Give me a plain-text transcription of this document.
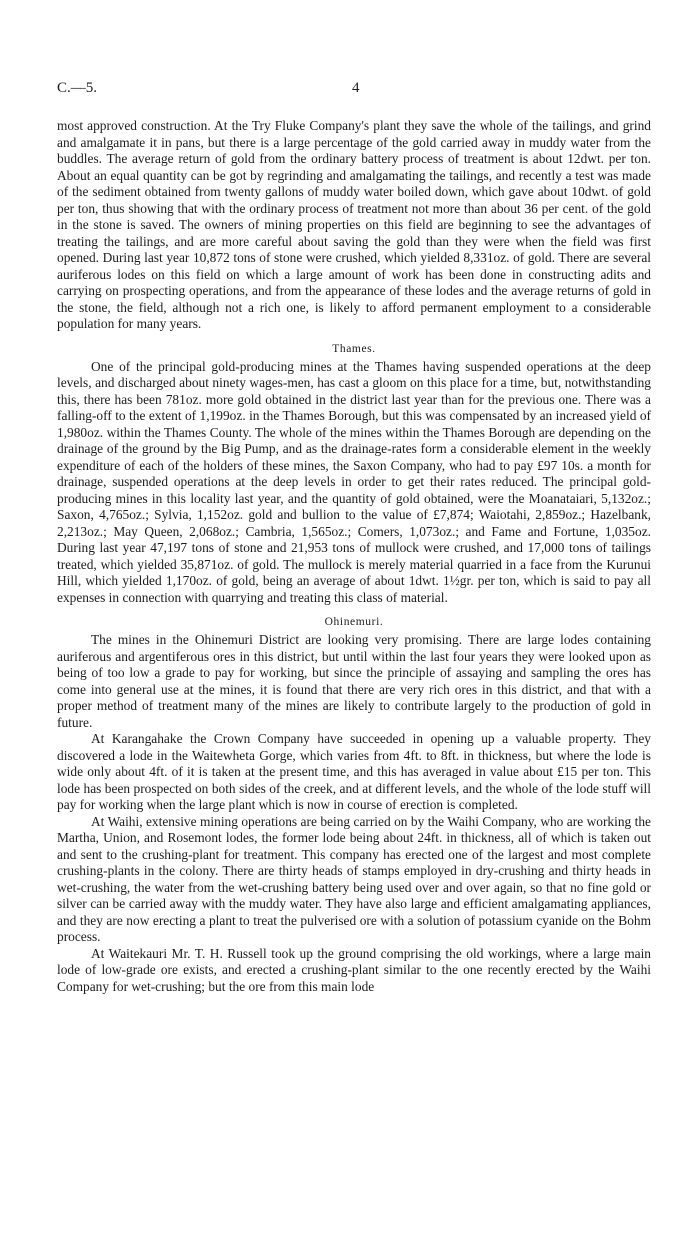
C.—5.	4

most approved construction. At the Try Fluke Company's plant they save the whole of the tailings, and grind and amalgamate it in pans, but there is a large percentage of the gold carried away in muddy water from the buddles. The average return of gold from the ordinary battery process of treatment is about 12dwt. per ton. About an equal quantity can be got by regrinding and amalgamating the tailings, and recently a test was made of the sediment obtained from twenty gallons of muddy water boiled down, which gave about 10dwt. of gold per ton, thus showing that with the ordinary process of treatment not more than about 36 per cent. of the gold in the stone is saved. The owners of mining properties on this field are beginning to see the advantages of treating the tailings, and are more careful about saving the gold than they were when the field was first opened. During last year 10,872 tons of stone were crushed, which yielded 8,331oz. of gold. There are several auriferous lodes on this field on which a large amount of work has been done in constructing adits and carrying on prospecting operations, and from the appearance of these lodes and the average returns of gold in the stone, the field, although not a rich one, is likely to afford permanent employment to a considerable population for many years.

Thames.

One of the principal gold-producing mines at the Thames having suspended operations at the deep levels, and discharged about ninety wages-men, has cast a gloom on this place for a time, but, notwithstanding this, there has been 781oz. more gold obtained in the district last year than for the previous one. There was a falling-off to the extent of 1,199oz. in the Thames Borough, but this was compensated by an increased yield of 1,980oz. within the Thames County. The whole of the mines within the Thames Borough are depending on the drainage of the ground by the Big Pump, and as the drainage-rates form a considerable element in the weekly expenditure of each of the holders of these mines, the Saxon Company, who had to pay £97 10s. a month for drainage, suspended operations at the deep levels in order to get their rates reduced. The principal gold-producing mines in this locality last year, and the quantity of gold obtained, were the Moanataiari, 5,132oz.; Saxon, 4,765oz.; Sylvia, 1,152oz. gold and bullion to the value of £7,874; Waiotahi, 2,859oz.; Hazelbank, 2,213oz.; May Queen, 2,068oz.; Cambria, 1,565oz.; Comers, 1,073oz.; and Fame and Fortune, 1,035oz. During last year 47,197 tons of stone and 21,953 tons of mullock were crushed, and 17,000 tons of tailings treated, which yielded 35,871oz. of gold. The mullock is merely material quarried in a face from the Kurunui Hill, which yielded 1,170oz. of gold, being an average of about 1dwt. 1½gr. per ton, which is said to pay all expenses in connection with quarrying and treating this class of material.

Ohinemuri.

The mines in the Ohinemuri District are looking very promising. There are large lodes containing auriferous and argentiferous ores in this district, but until within the last four years they were looked upon as being of too low a grade to pay for working, but since the principle of assaying and sampling the ores has come into general use at the mines, it is found that there are very rich ores in this district, and that with a proper method of treatment many of the mines are likely to contribute largely to the production of gold in future.

At Karangahake the Crown Company have succeeded in opening up a valuable property. They discovered a lode in the Waitewheta Gorge, which varies from 4ft. to 8ft. in thickness, but where the lode is wide only about 4ft. of it is taken at the present time, and this has averaged in value about £15 per ton. This lode has been prospected on both sides of the creek, and at different levels, and the whole of the lode stuff will pay for working when the large plant which is now in course of erection is completed.

At Waihi, extensive mining operations are being carried on by the Waihi Company, who are working the Martha, Union, and Rosemont lodes, the former lode being about 24ft. in thickness, all of which is taken out and sent to the crushing-plant for treatment. This company has erected one of the largest and most complete crushing-plants in the colony. There are thirty heads of stamps employed in dry-crushing and thirty heads in wet-crushing, the water from the wet-crushing battery being used over and over again, so that no fine gold or silver can be carried away with the muddy water. They have also large and efficient amalgamating appliances, and they are now erecting a plant to treat the pulverised ore with a solution of potassium cyanide on the Bohm process.

At Waitekauri Mr. T. H. Russell took up the ground comprising the old workings, where a large main lode of low-grade ore exists, and erected a crushing-plant similar to the one recently erected by the Waihi Company for wet-crushing; but the ore from this main lode
